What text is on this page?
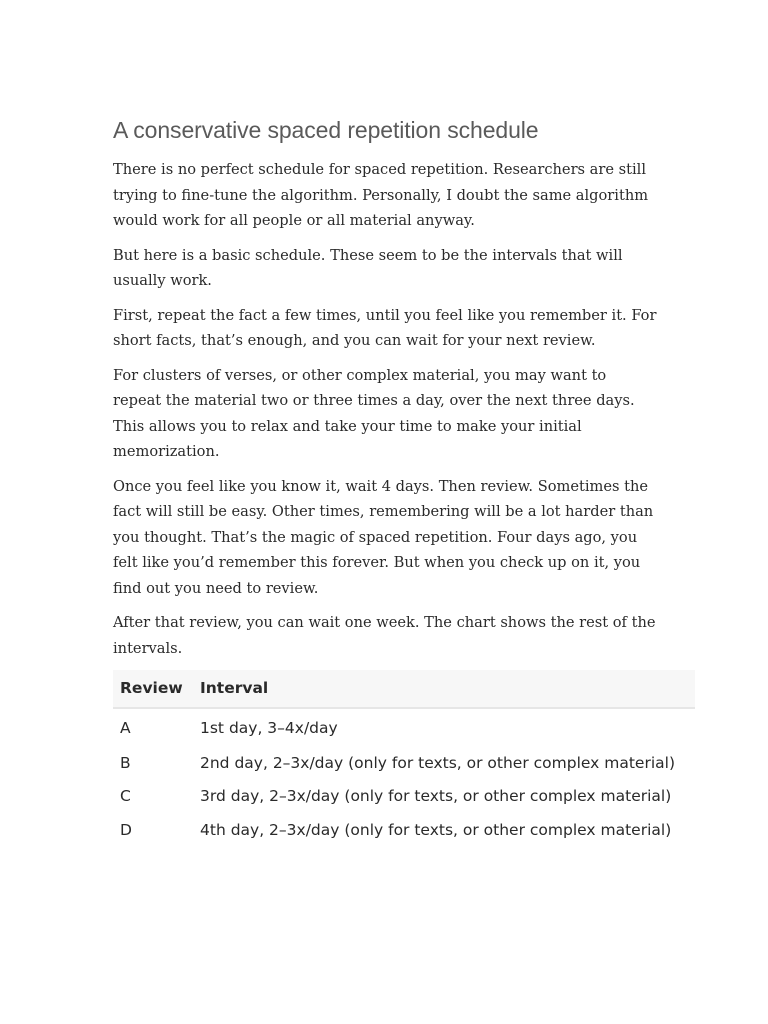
A conservative spaced repetition schedule

There is no perfect schedule for spaced repetition. Researchers are still trying to fine-tune the algorithm. Personally, I doubt the same algorithm would work for all people or all material anyway.

But here is a basic schedule. These seem to be the intervals that will usually work.

First, repeat the fact a few times, until you feel like you remember it. For short facts, that’s enough, and you can wait for your next review.

For clusters of verses, or other complex material, you may want to repeat the material two or three times a day, over the next three days. This allows you to relax and take your time to make your initial memorization.

Once you feel like you know it, wait 4 days. Then review. Sometimes the fact will still be easy. Other times, remembering will be a lot harder than you thought. That’s the magic of spaced repetition. Four days ago, you felt like you’d remember this forever. But when you check up on it, you find out you need to review.

After that review, you can wait one week. The chart shows the rest of the intervals.

Review	Interval
A	1st day, 3–4x/day
B	2nd day, 2–3x/day (only for texts, or other complex material)
C	3rd day, 2–3x/day (only for texts, or other complex material)
D	4th day, 2–3x/day (only for texts, or other complex material)
